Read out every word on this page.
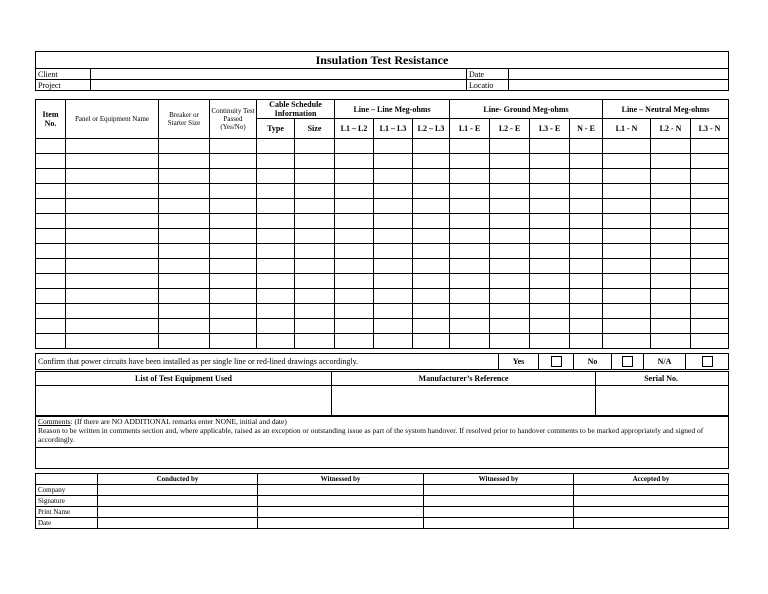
Insulation Test Resistance			
Client		Date	
Project		Locatio	
Item No.	Panel or Equipment Name	Breaker or Starter Size	Continuity Test Passed (Yes/No)	Cable Schedule Information		Line – Line Meg-ohms			Line- Ground Meg-ohms				Line – Neutral Meg-ohms		
				Type	Size	L1 – L2	L1 – L3	L2 – L3	L1 - E	L2 - E	L3 - E	N - E	L1 - N	L2 - N	L3 - N

Confirm that power circuits have been installed as per single line or red-lined drawings accordingly.	Yes		No		N/A	
List of Test Equipment Used	Manufacturer’s Reference	Serial No.

Comments: (If there are NO ADDITIONAL remarks enter NONE, initial and date)
Reason to be written in comments section and, where applicable, raised as an exception or outstanding issue as part of the system handover. If resolved prior to handover comments to be marked appropriately and signed of accordingly.

	Conducted by	Witnessed by	Witnessed by	Accepted by
Company				
Signature				
Print Name				
Date				
